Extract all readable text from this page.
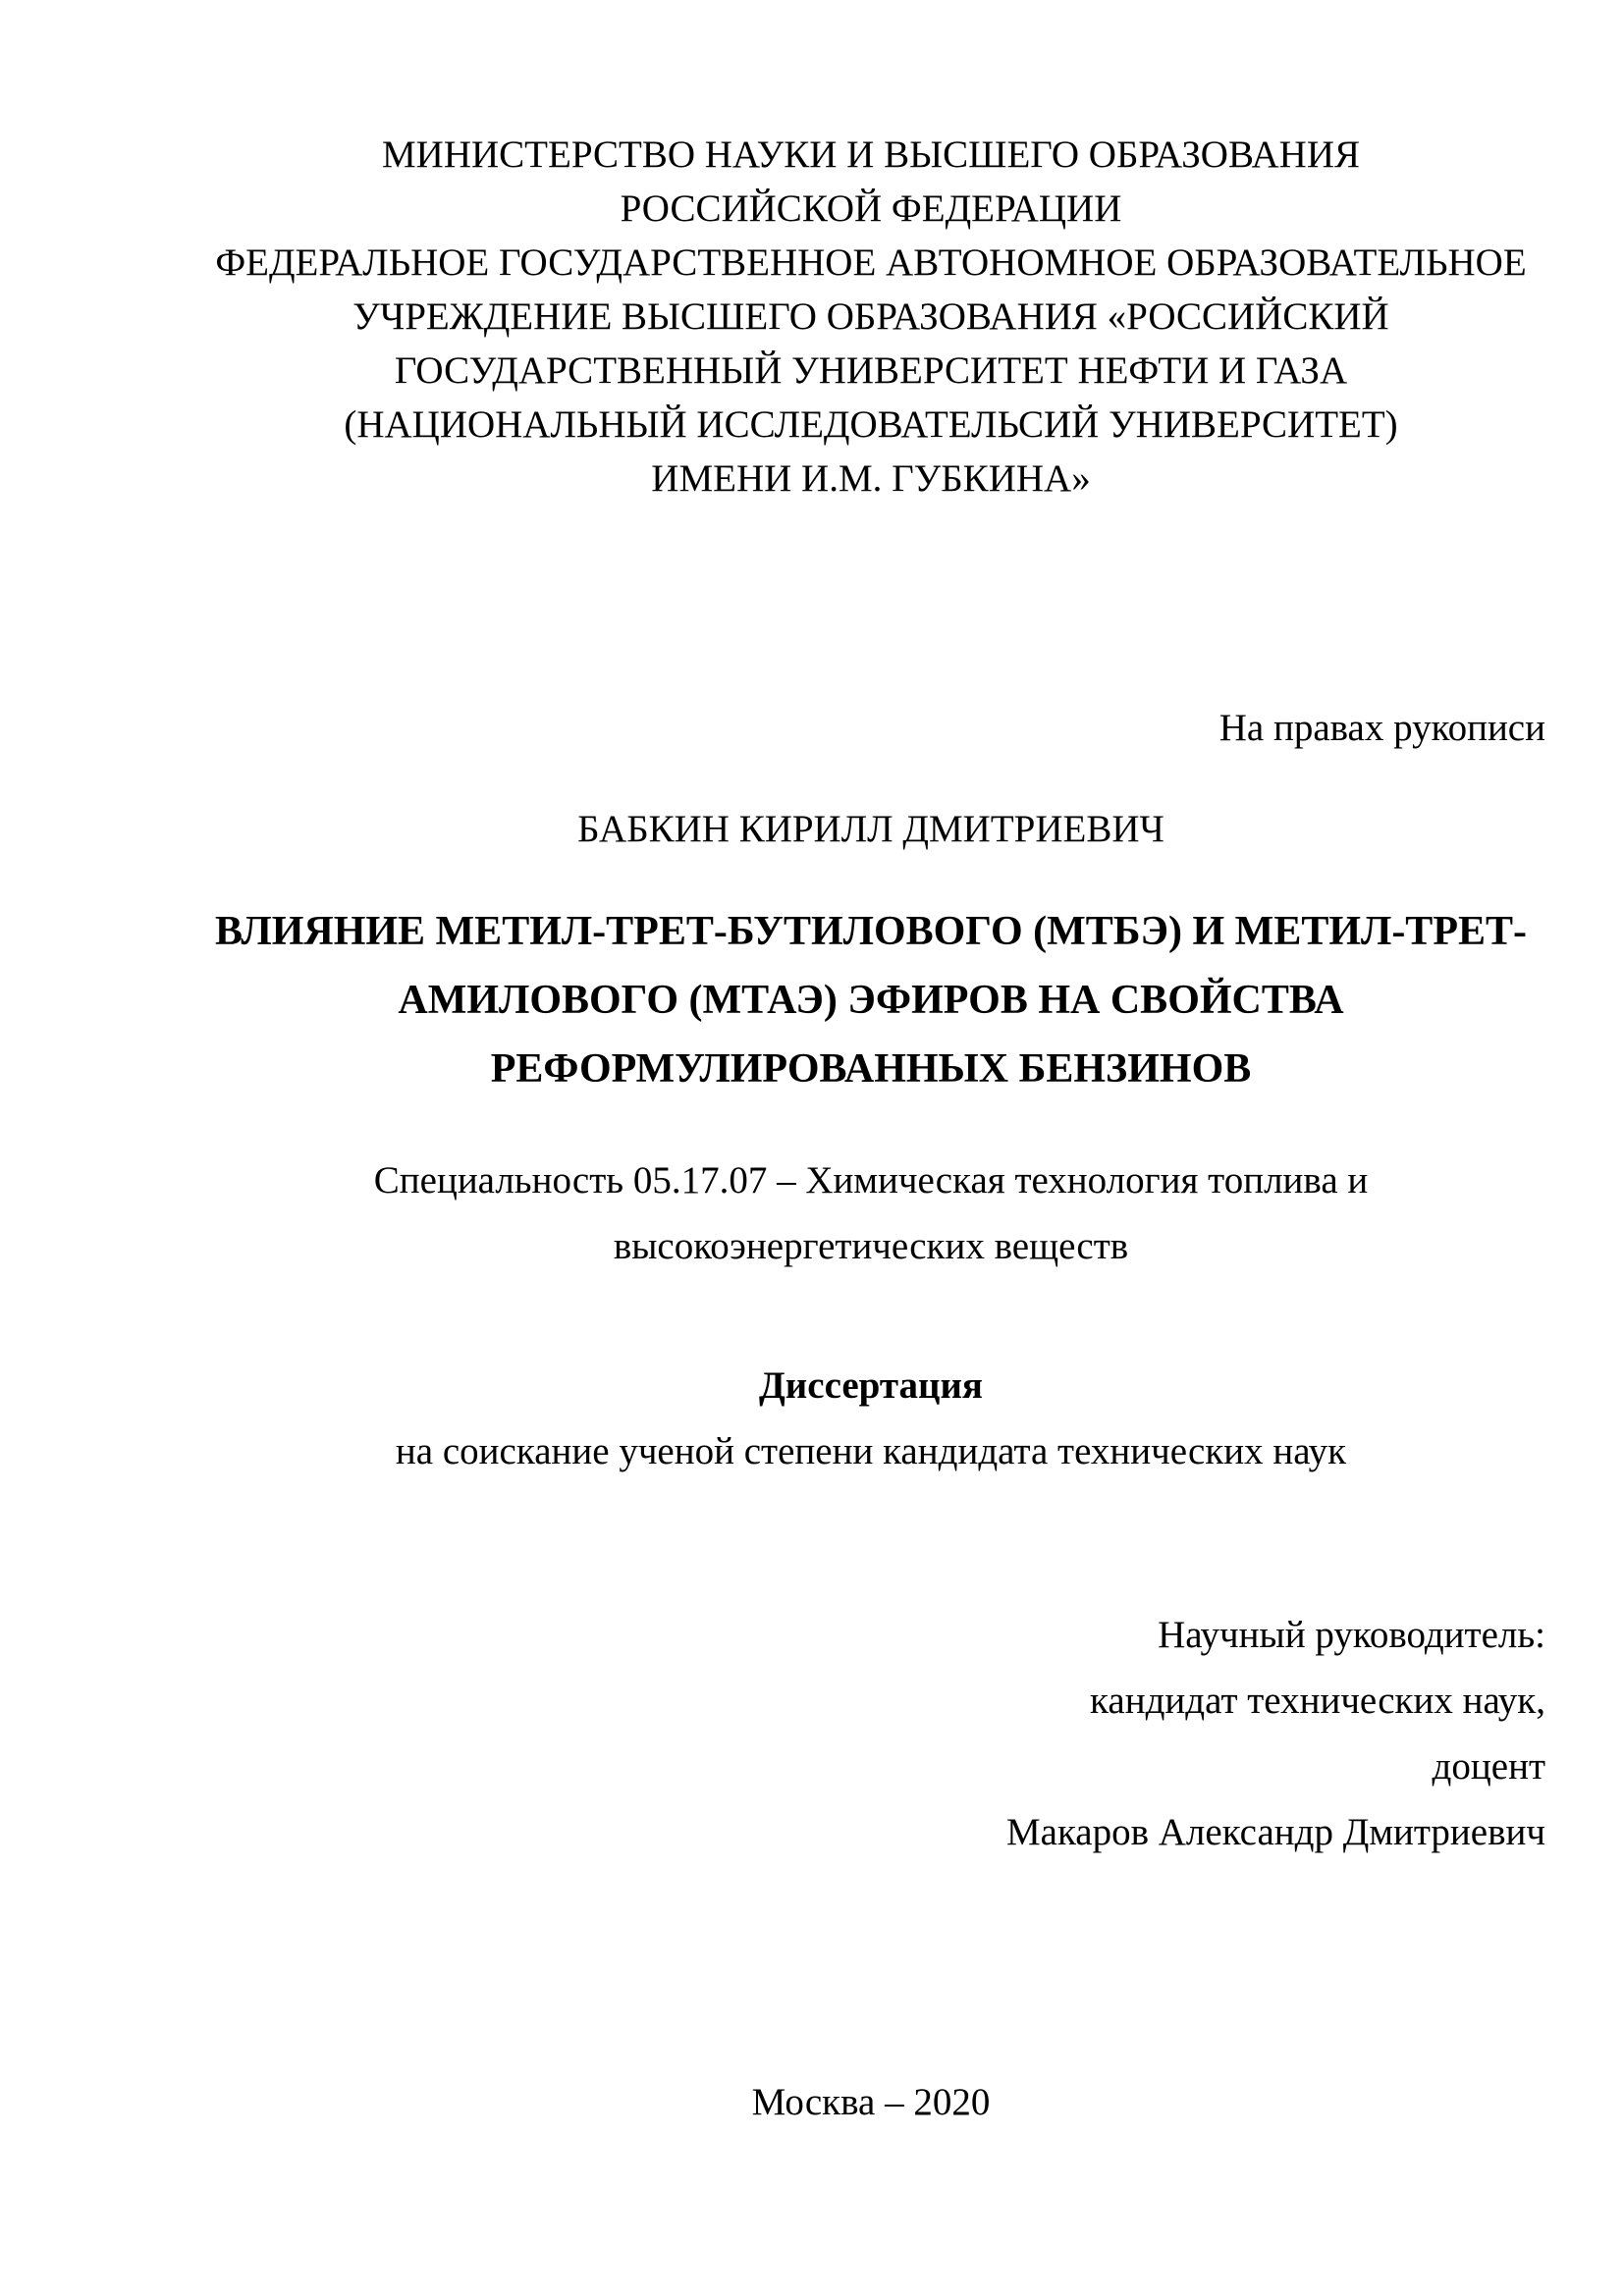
МИНИСТЕРСТВО НАУКИ И ВЫСШЕГО ОБРАЗОВАНИЯ
РОССИЙСКОЙ ФЕДЕРАЦИИ
ФЕДЕРАЛЬНОЕ ГОСУДАРСТВЕННОЕ АВТОНОМНОЕ ОБРАЗОВАТЕЛЬНОЕ
УЧРЕЖДЕНИЕ ВЫСШЕГО ОБРАЗОВАНИЯ «РОССИЙСКИЙ
ГОСУДАРСТВЕННЫЙ УНИВЕРСИТЕТ НЕФТИ И ГАЗА
(НАЦИОНАЛЬНЫЙ ИССЛЕДОВАТЕЛЬСИЙ УНИВЕРСИТЕТ)
ИМЕНИ И.М. ГУБКИНА»
На правах рукописи
БАБКИН КИРИЛЛ ДМИТРИЕВИЧ
ВЛИЯНИЕ МЕТИЛ-ТРЕТ-БУТИЛОВОГО (МТБЭ) И МЕТИЛ-ТРЕТ-
АМИЛОВОГО (МТАЭ) ЭФИРОВ НА СВОЙСТВА
РЕФОРМУЛИРОВАННЫХ БЕНЗИНОВ
Специальность 05.17.07 – Химическая технология топлива и
высокоэнергетических веществ
Диссертация
на соискание ученой степени кандидата технических наук
Научный руководитель:
кандидат технических наук,
доцент
Макаров Александр Дмитриевич
Москва – 2020
